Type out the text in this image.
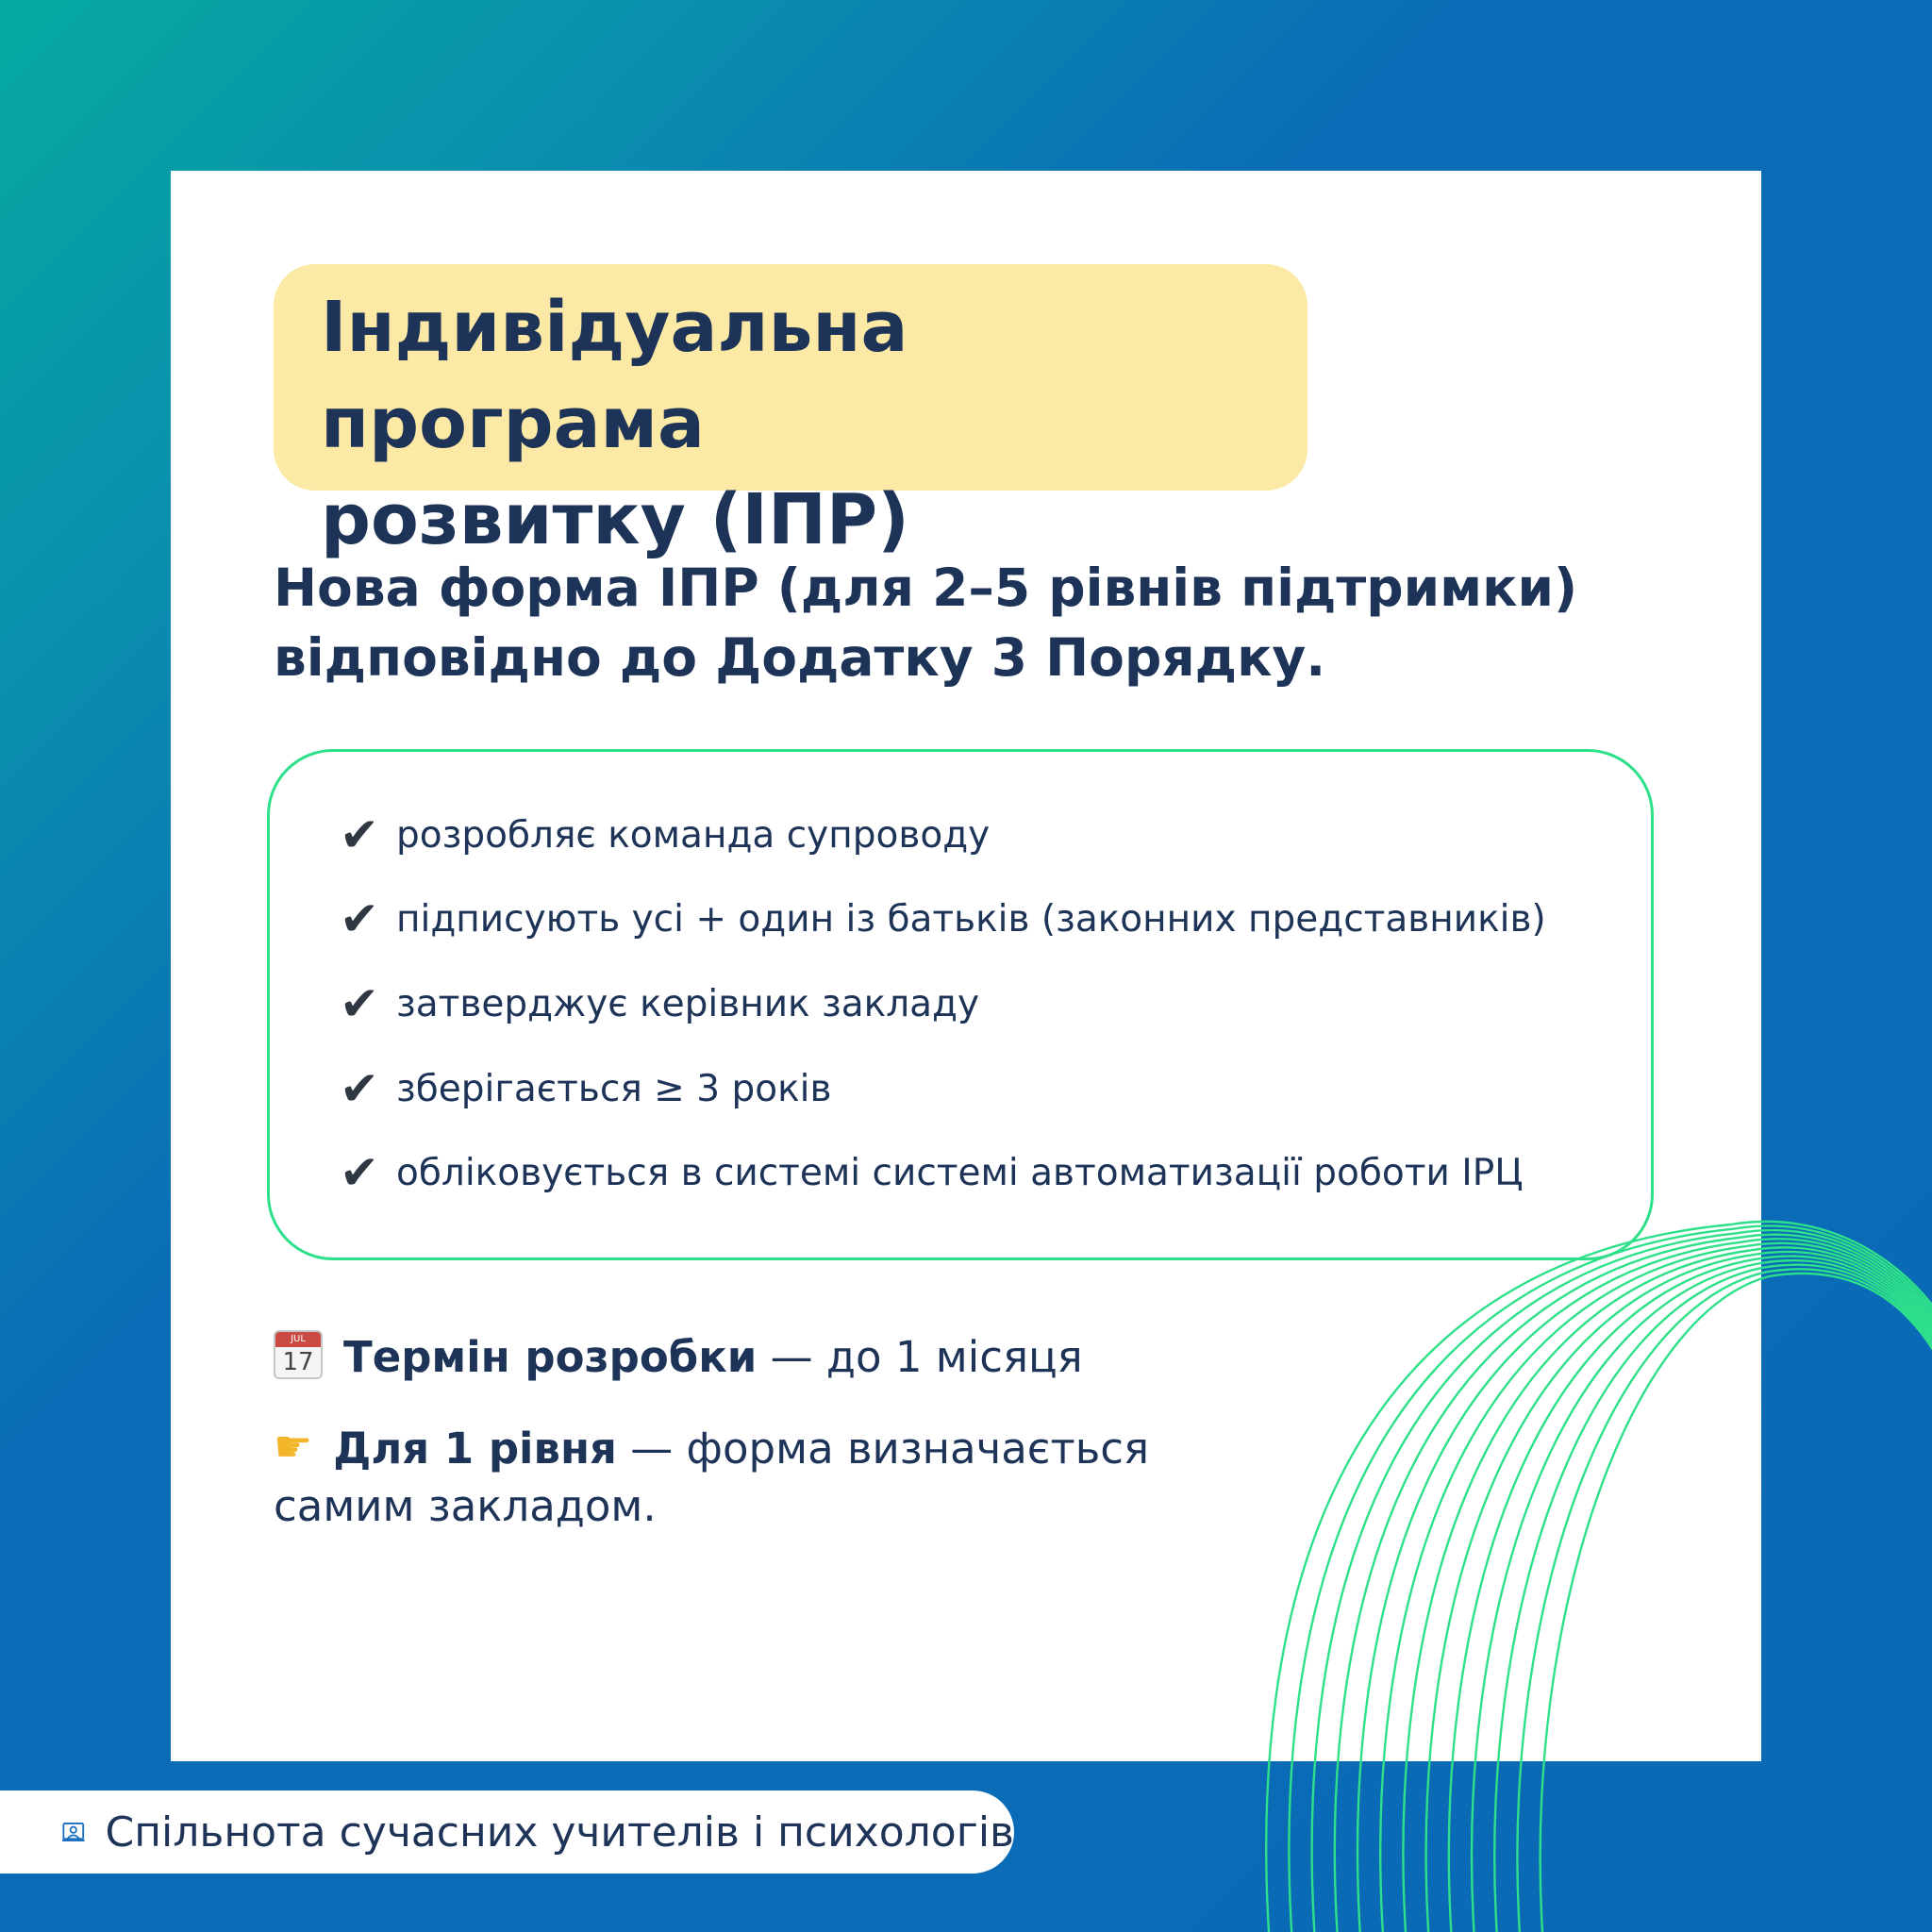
Індивідуальна програма
розвитку (ІПР)
Нова форма ІПР (для 2–5 рівнів підтримки)
відповідно до Додатку 3 Порядку.
✔ розробляє команда супроводу
✔ підписують усі + один із батьків (законних представників)
✔ затверджує керівник закладу
✔ зберігається ≥ 3 років
✔ обліковується в системі системі автоматизації роботи ІРЦ
JUL
17 Термін розробки — до 1 місяця
☛ Для 1 рівня — форма визначається
самим закладом.
Спільнота сучасних учителів і психологів
